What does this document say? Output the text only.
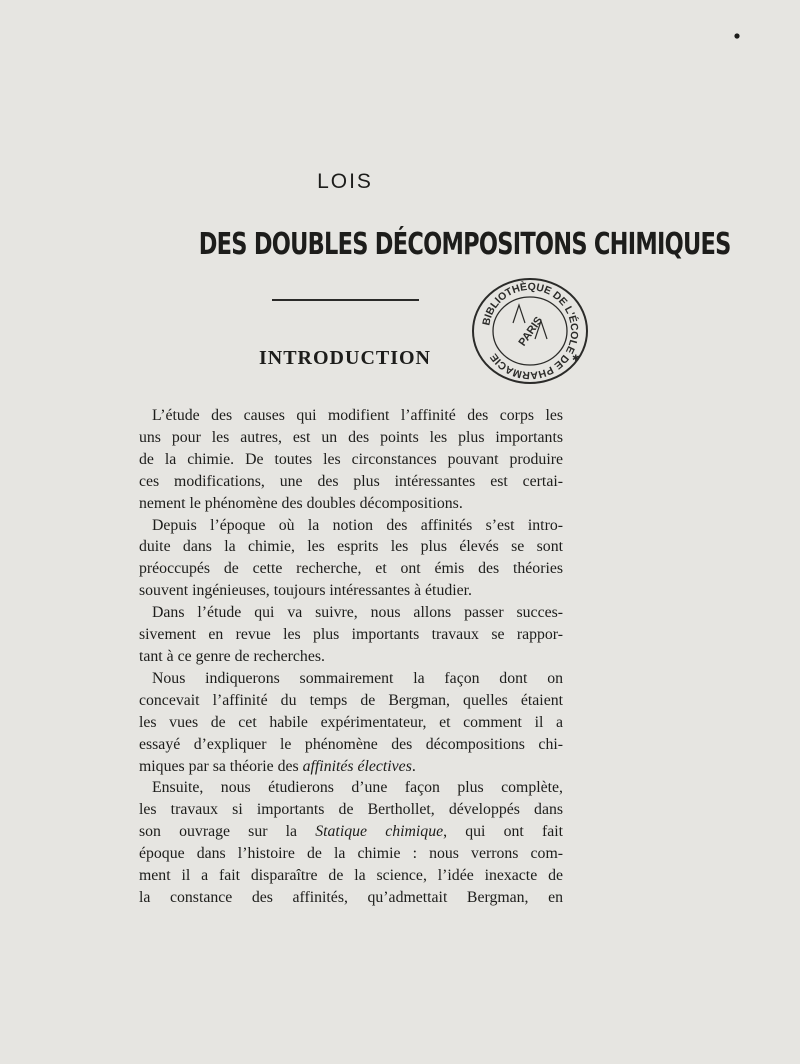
LOIS
DES DOUBLES DÉCOMPOSITONS CHIMIQUES
INTRODUCTION
BIBLIOTHÈQUE DE L'ÉCOLE DE PHARMACIE
PARIS
✱
L’étude des causes qui modifient l’affinité des corps les
uns pour les autres, est un des points les plus importants
de la chimie. De toutes les circonstances pouvant produire
ces modifications, une des plus intéressantes est certai-
nement le phénomène des doubles décompositions.
Depuis l’époque où la notion des affinités s’est intro-
duite dans la chimie, les esprits les plus élevés se sont
préoccupés de cette recherche, et ont émis des théories
souvent ingénieuses, toujours intéressantes à étudier.
Dans l’étude qui va suivre, nous allons passer succes-
sivement en revue les plus importants travaux se rappor-
tant à ce genre de recherches.
Nous indiquerons sommairement la façon dont on
concevait l’affinité du temps de Bergman, quelles étaient
les vues de cet habile expérimentateur, et comment il a
essayé d’expliquer le phénomène des décompositions chi-
miques par sa théorie des affinités électives.
Ensuite, nous étudierons d’une façon plus complète,
les travaux si importants de Berthollet, développés dans
son ouvrage sur la Statique chimique, qui ont fait
époque dans l’histoire de la chimie : nous verrons com-
ment il a fait disparaître de la science, l’idée inexacte de
la constance des affinités, qu’admettait Bergman, en
